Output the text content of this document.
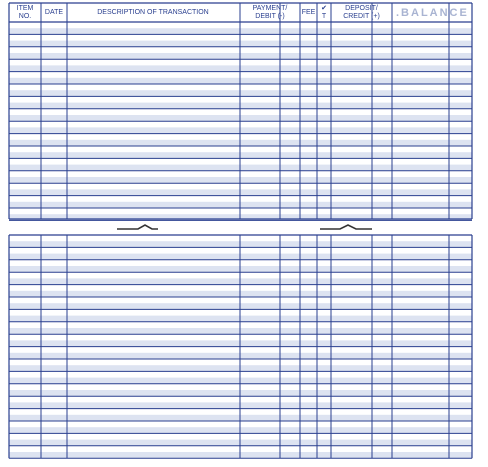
ITEM
NO.
DATE	DESCRIPTION OF TRANSACTION
PAYMENT/
DEBIT (-)
FEE
✔
T
DEPOSIT/
CREDIT (+)	.BALANCE
